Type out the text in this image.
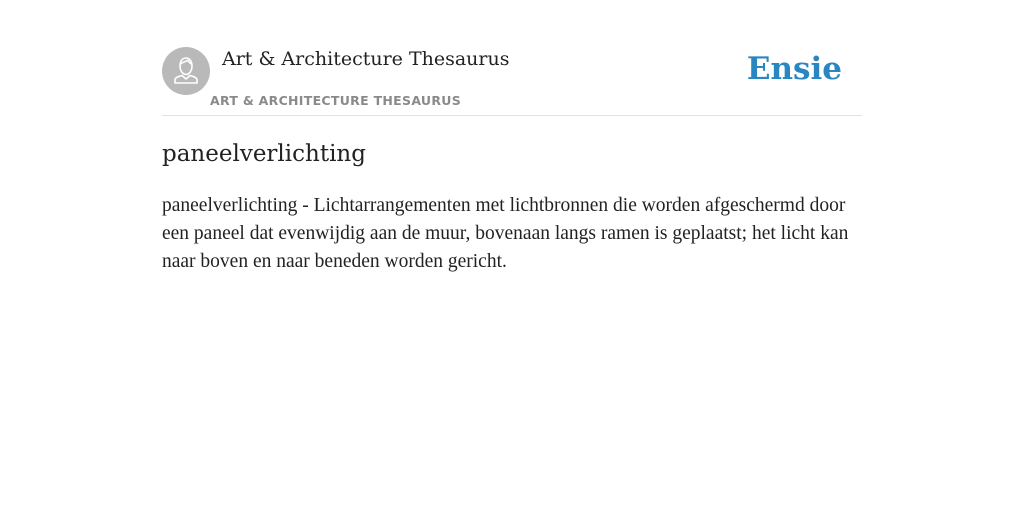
Art & Architecture Thesaurus
ART & ARCHITECTURE THESAURUS
Ensie
paneelverlichting

paneelverlichting - Lichtarrangementen met lichtbronnen die worden afgeschermd door een paneel dat evenwijdig aan de muur, bovenaan langs ramen is geplaatst; het licht kan naar boven en naar beneden worden gericht.
